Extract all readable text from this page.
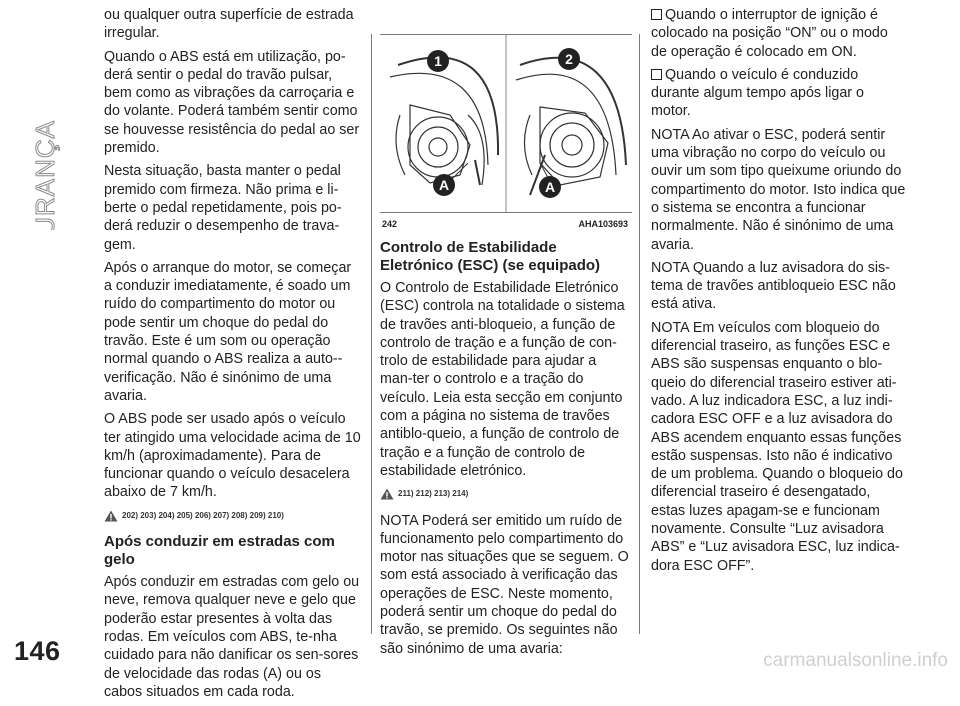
SEGURANÇA

ou qualquer outra superfície de estrada irregular.

Quando o ABS está em utilização, po-derá sentir o pedal do travão pulsar, bem como as vibrações da carroçaria e do volante. Poderá também sentir como se houvesse resistência do pedal ao ser premido.

Nesta situação, basta manter o pedal premido com firmeza. Não prima e li-berte o pedal repetidamente, pois po-derá reduzir o desempenho de trava-gem.

Após o arranque do motor, se começar a conduzir imediatamente, é soado um ruído do compartimento do motor ou pode sentir um choque do pedal do travão. Este é um som ou operação normal quando o ABS realiza a auto--verificação. Não é sinónimo de uma avaria.

O ABS pode ser usado após o veículo ter atingido uma velocidade acima de 10 km/h (aproximadamente). Para de funcionar quando o veículo desacelera abaixo de 7 km/h.

202) 203) 204) 205) 206) 207) 208) 209) 210)
Após conduzir em estradas com gelo

Após conduzir em estradas com gelo ou neve, remova qualquer neve e gelo que poderão estar presentes à volta das rodas. Em veículos com ABS, te-nha cuidado para não danificar os sen-sores de velocidade das rodas (A) ou os cabos situados em cada roda.

1	2
A	A
242	AHA103693
Controlo de Estabilidade Eletrónico (ESC) (se equipado)

O Controlo de Estabilidade Eletrónico (ESC) controla na totalidade o sistema de travões anti-bloqueio, a função de controlo de tração e a função de con-trolo de estabilidade para ajudar a man-ter o controlo e a tração do veículo. Leia esta secção em conjunto com a página no sistema de travões antiblo-queio, a função de controlo de tração e a função de controlo de estabilidade eletrónico.

211) 212) 213) 214)

NOTA Poderá ser emitido um ruído de funcionamento pelo compartimento do motor nas situações que se seguem. O som está associado à verificação das operações de ESC. Neste momento, poderá sentir um choque do pedal do travão, se premido. Os seguintes não são sinónimo de uma avaria:

Quando o interruptor de ignição é colocado na posição “ON” ou o modo de operação é colocado em ON.

Quando o veículo é conduzido durante algum tempo após ligar o motor.

NOTA Ao ativar o ESC, poderá sentir uma vibração no corpo do veículo ou ouvir um som tipo queixume oriundo do compartimento do motor. Isto indica que o sistema se encontra a funcionar normalmente. Não é sinónimo de uma avaria.

NOTA Quando a luz avisadora do sis-tema de travões antibloqueio ESC não está ativa.

NOTA Em veículos com bloqueio do diferencial traseiro, as funções ESC e ABS são suspensas enquanto o blo-queio do diferencial traseiro estiver ati-vado. A luz indicadora ESC, a luz indi-cadora ESC OFF e a luz avisadora do ABS acendem enquanto essas funções estão suspensas. Isto não é indicativo de um problema. Quando o bloqueio do diferencial traseiro é desengatado, estas luzes apagam-se e funcionam novamente. Consulte “Luz avisadora ABS” e “Luz avisadora ESC, luz indica-dora ESC OFF”.

146	carmanualsonline.info
